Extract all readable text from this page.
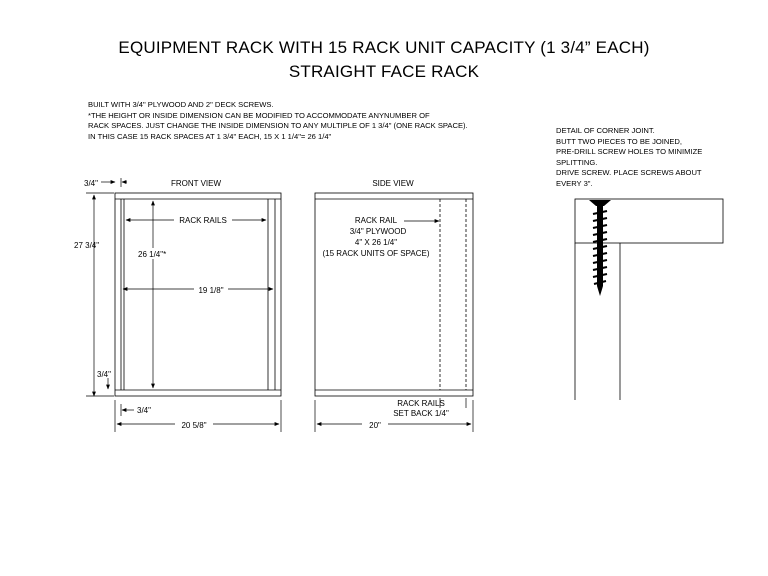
EQUIPMENT RACK WITH 15 RACK UNIT CAPACITY (1 3/4” EACH)
STRAIGHT FACE RACK
BUILT WITH 3/4" PLYWOOD AND 2" DECK SCREWS.
*THE HEIGHT OR INSIDE DIMENSION CAN BE MODIFIED TO ACCOMMODATE ANYNUMBER OF
RACK SPACES. JUST CHANGE THE INSIDE DIMENSION TO ANY MULTIPLE OF 1 3/4" (ONE RACK SPACE).
IN THIS CASE 15 RACK SPACES AT 1 3/4" EACH, 15 X 1 1/4"= 26 1/4"
DETAIL OF CORNER JOINT.
BUTT TWO PIECES TO BE JOINED,
PRE-DRILL SCREW HOLES TO MINIMIZE
SPLITTING.
DRIVE SCREW. PLACE SCREWS ABOUT
EVERY 3".
FRONT VIEW
3/4"
27 3/4"
3/4"
26 1/4"*
RACK RAILS
19 1/8"
3/4"
20 5/8"
SIDE VIEW
RACK RAIL
3/4" PLYWOOD
4" X 26 1/4"
(15 RACK UNITS OF SPACE)
RACK RAILS
SET BACK 1/4"
20"
